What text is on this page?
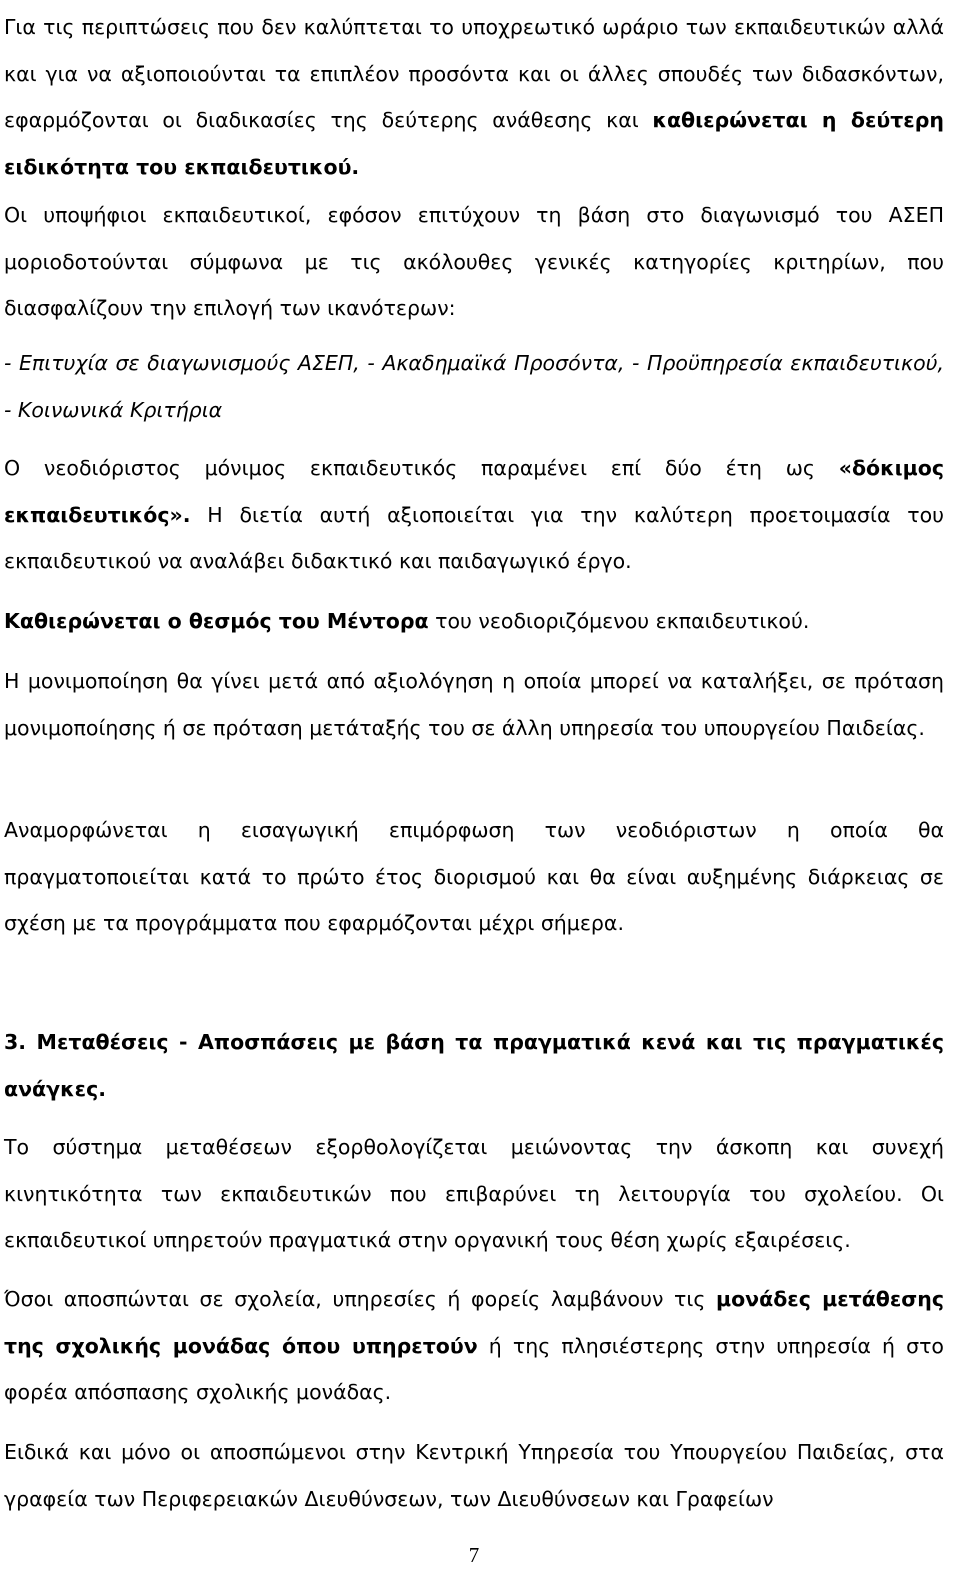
Για τις περιπτώσεις που δεν καλύπτεται το υποχρεωτικό ωράριο των εκπαιδευτικών αλλά και για να αξιοποιούνται τα επιπλέον προσόντα και οι άλλες σπουδές των διδασκόντων, εφαρμόζονται οι διαδικασίες της δεύτερης ανάθεσης και καθιερώνεται η δεύτερη ειδικότητα του εκπαιδευτικού.

Οι υποψήφιοι εκπαιδευτικοί, εφόσον επιτύχουν τη βάση στο διαγωνισμό του ΑΣΕΠ μοριοδοτούνται σύμφωνα με τις ακόλουθες γενικές κατηγορίες κριτηρίων, που διασφαλίζουν την επιλογή των ικανότερων:

- Επιτυχία σε διαγωνισμούς ΑΣΕΠ, - Ακαδημαϊκά Προσόντα, - Προϋπηρεσία εκπαιδευτικού, - Κοινωνικά Κριτήρια

Ο νεοδιόριστος μόνιμος εκπαιδευτικός παραμένει επί δύο έτη ως «δόκιμος εκπαιδευτικός». Η διετία αυτή αξιοποιείται για την καλύτερη προετοιμασία του εκπαιδευτικού να αναλάβει διδακτικό και παιδαγωγικό έργο.

Καθιερώνεται ο θεσμός του Μέντορα του νεοδιοριζόμενου εκπαιδευτικού.

Η μονιμοποίηση θα γίνει μετά από αξιολόγηση η οποία μπορεί να καταλήξει, σε πρόταση μονιμοποίησης ή σε πρόταση μετάταξής του σε άλλη υπηρεσία του υπουργείου Παιδείας.

Αναμορφώνεται η εισαγωγική επιμόρφωση των νεοδιόριστων η οποία θα πραγματοποιείται κατά το πρώτο έτος διορισμού και θα είναι αυξημένης διάρκειας σε σχέση με τα προγράμματα που εφαρμόζονται μέχρι σήμερα.

3. Μεταθέσεις - Αποσπάσεις με βάση τα πραγματικά κενά και τις πραγματικές ανάγκες.

Το σύστημα μεταθέσεων εξορθολογίζεται μειώνοντας την άσκοπη και συνεχή κινητικότητα των εκπαιδευτικών που επιβαρύνει τη λειτουργία του σχολείου. Οι εκπαιδευτικοί υπηρετούν πραγματικά στην οργανική τους θέση χωρίς εξαιρέσεις.

Όσοι αποσπώνται σε σχολεία, υπηρεσίες ή φορείς λαμβάνουν τις μονάδες μετάθεσης της σχολικής μονάδας όπου υπηρετούν ή της πλησιέστερης στην υπηρεσία ή στο φορέα απόσπασης σχολικής μονάδας.

Ειδικά και μόνο οι αποσπώμενοι στην Κεντρική Υπηρεσία του Υπουργείου Παιδείας, στα γραφεία των Περιφερειακών Διευθύνσεων, των Διευθύνσεων και Γραφείων

7
